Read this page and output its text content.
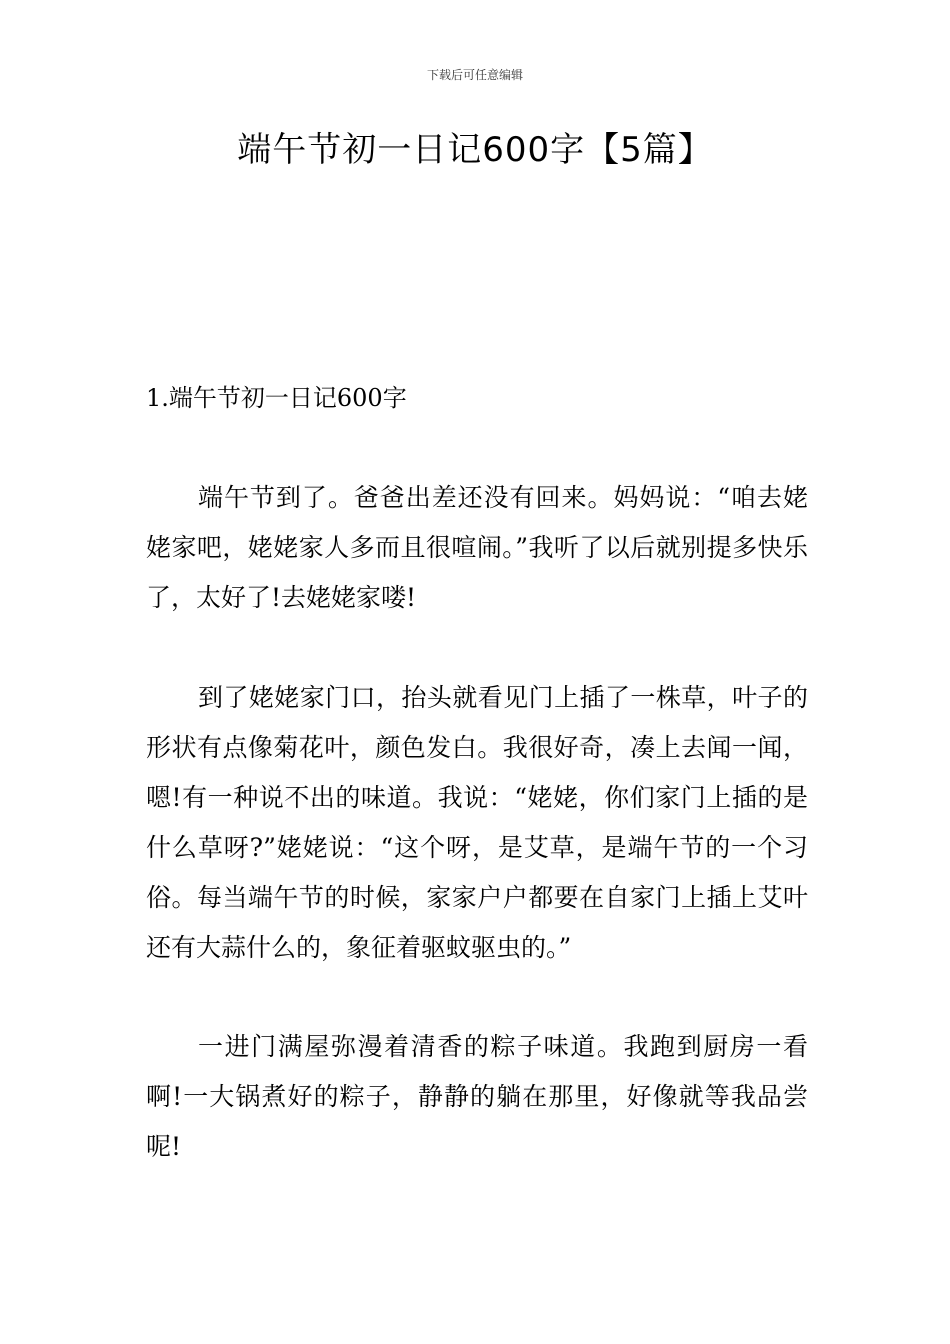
下载后可任意编辑
端午节初一日记600字【5篇】
1.端午节初一日记600字

端午节到了。爸爸出差还没有回来。妈妈说：“咱去姥姥家吧，姥姥家人多而且很喧闹。”我听了以后就别提多快乐了，太好了!去姥姥家喽!

到了姥姥家门口，抬头就看见门上插了一株草，叶子的形状有点像菊花叶，颜色发白。我很好奇，凑上去闻一闻，嗯!有一种说不出的味道。我说：“姥姥，你们家门上插的是什么草呀?”姥姥说：“这个呀，是艾草，是端午节的一个习俗。每当端午节的时候，家家户户都要在自家门上插上艾叶还有大蒜什么的，象征着驱蚊驱虫的。”

一进门满屋弥漫着清香的粽子味道。我跑到厨房一看啊!一大锅煮好的粽子，静静的躺在那里，好像就等我品尝呢!
